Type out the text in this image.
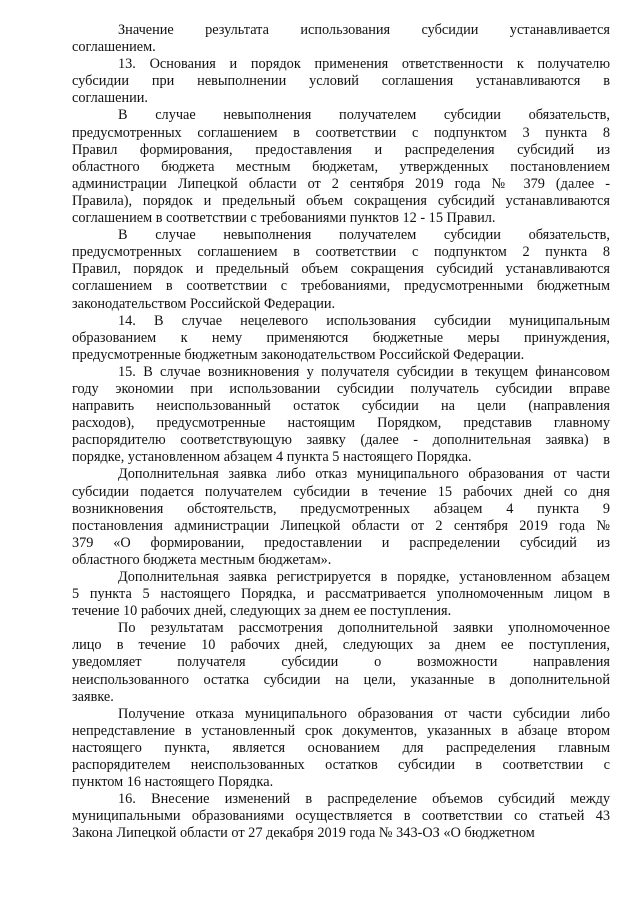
Значение результата использования субсидии устанавливается
соглашением.

13. Основания и порядок применения ответственности к получателю
субсидии при невыполнении условий соглашения устанавливаются в
соглашении.

В случае невыполнения получателем субсидии обязательств,
предусмотренных соглашением в соответствии с подпунктом 3 пункта 8
Правил формирования, предоставления и распределения субсидий из
областного бюджета местным бюджетам, утвержденных постановлением
администрации Липецкой области от 2 сентября 2019 года № 379 (далее -
Правила), порядок и предельный объем сокращения субсидий устанавливаются
соглашением в соответствии с требованиями пунктов 12 - 15 Правил.

В случае невыполнения получателем субсидии обязательств,
предусмотренных соглашением в соответствии с подпунктом 2 пункта 8
Правил, порядок и предельный объем сокращения субсидий устанавливаются
соглашением в соответствии с требованиями, предусмотренными бюджетным
законодательством Российской Федерации.

14. В случае нецелевого использования субсидии муниципальным
образованием к нему применяются бюджетные меры принуждения,
предусмотренные бюджетным законодательством Российской Федерации.

15. В случае возникновения у получателя субсидии в текущем финансовом
году экономии при использовании субсидии получатель субсидии вправе
направить неиспользованный остаток субсидии на цели (направления
расходов), предусмотренные настоящим Порядком, представив главному
распорядителю соответствующую заявку (далее - дополнительная заявка) в
порядке, установленном абзацем 4 пункта 5 настоящего Порядка.

Дополнительная заявка либо отказ муниципального образования от части
субсидии подается получателем субсидии в течение 15 рабочих дней со дня
возникновения обстоятельств, предусмотренных абзацем 4 пункта 9
постановления администрации Липецкой области от 2 сентября 2019 года №
379 «О формировании, предоставлении и распределении субсидий из
областного бюджета местным бюджетам».

Дополнительная заявка регистрируется в порядке, установленном абзацем
5 пункта 5 настоящего Порядка, и рассматривается уполномоченным лицом в
течение 10 рабочих дней, следующих за днем ее поступления.

По результатам рассмотрения дополнительной заявки уполномоченное
лицо в течение 10 рабочих дней, следующих за днем ее поступления,
уведомляет получателя субсидии о возможности направления
неиспользованного остатка субсидии на цели, указанные в дополнительной
заявке.

Получение отказа муниципального образования от части субсидии либо
непредставление в установленный срок документов, указанных в абзаце втором
настоящего пункта, является основанием для распределения главным
распорядителем неиспользованных остатков субсидии в соответствии с
пунктом 16 настоящего Порядка.

16. Внесение изменений в распределение объемов субсидий между
муниципальными образованиями осуществляется в соответствии со статьей 43
Закона Липецкой области от 27 декабря 2019 года № 343-ОЗ «О бюджетном
